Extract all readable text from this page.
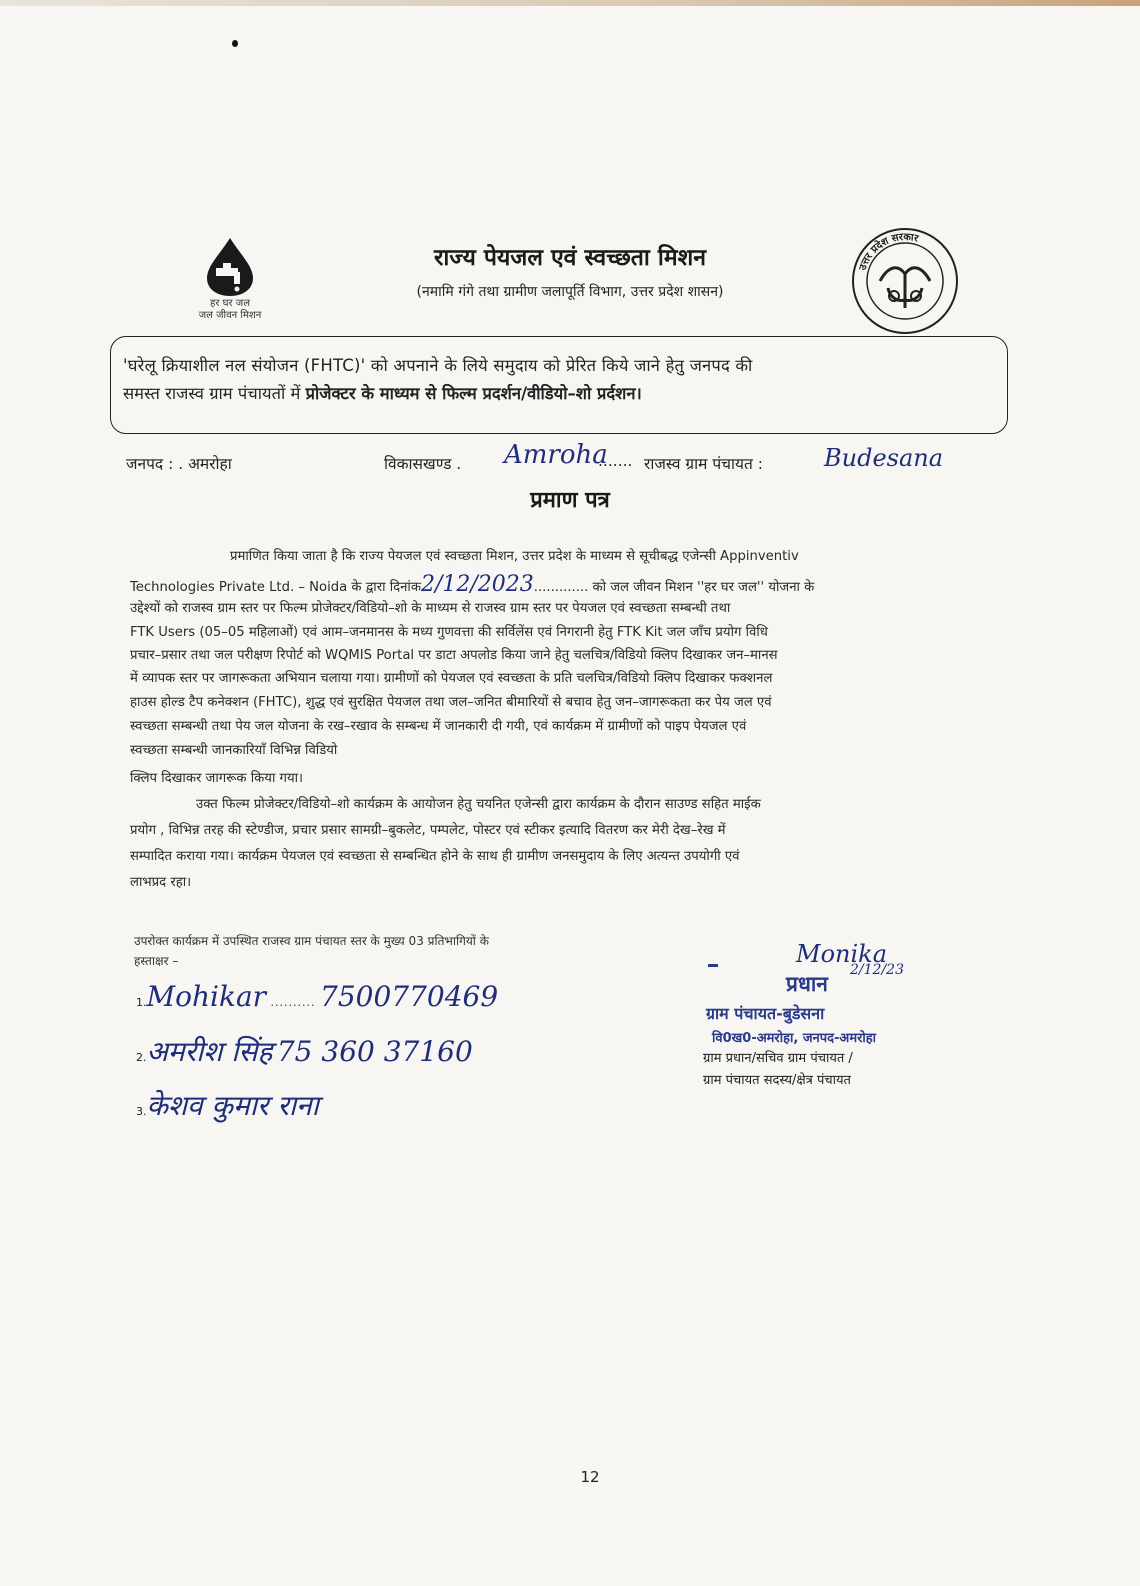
हर घर जल
जल जीवन मिशन
राज्य पेयजल एवं स्वच्छता मिशन
(नमामि गंगे तथा ग्रामीण जलापूर्ति विभाग, उत्तर प्रदेश शासन)
उत्तर प्रदेश सरकार
'घरेलू क्रियाशील नल संयोजन (FHTC)' को अपनाने के लिये समुदाय को प्रेरित किये जाने हेतु जनपद की
समस्त राजस्व ग्राम पंचायतों में प्रोजेक्टर के माध्यम से फिल्म प्रदर्शन/वीडियो–शो प्रर्दशन।
जनपद : . अमरोहा	विकासखण्ड . Amroha
....... राजस्व ग्राम पंचायत :	Budesana
प्रमाण पत्र
प्रमाणित किया जाता है कि राज्य पेयजल एवं स्वच्छता मिशन, उत्तर प्रदेश के माध्यम से सूचीबद्ध एजेन्सी Appinventiv
Technologies Private Ltd. – Noida के द्वारा दिनांक2/12/2023............. को जल जीवन मिशन ''हर घर जल'' योजना के
उद्देश्यों को राजस्व ग्राम स्तर पर फिल्म प्रोजेक्टर/विडियो–शो के माध्यम से राजस्व ग्राम स्तर पर पेयजल एवं स्वच्छता सम्बन्धी तथा
FTK Users (05–05 महिलाओं) एवं आम–जनमानस के मध्य गुणवत्ता की सर्विलेंस एवं निगरानी हेतु FTK Kit जल जाँच प्रयोग विधि
प्रचार–प्रसार तथा जल परीक्षण रिपोर्ट को WQMIS Portal पर डाटा अपलोड किया जाने हेतु चलचित्र/विडियो क्लिप दिखाकर जन–मानस
में व्यापक स्तर पर जागरूकता अभियान चलाया गया। ग्रामीणों को पेयजल एवं स्वच्छता के प्रति चलचित्र/विडियो क्लिप दिखाकर फक्शनल
हाउस होल्ड टैप कनेक्शन (FHTC), शुद्ध एवं सुरक्षित पेयजल तथा जल–जनित बीमारियों से बचाव हेतु जन–जागरूकता कर पेय जल एवं
स्वच्छता सम्बन्धी तथा पेय जल योजना के रख–रखाव के सम्बन्ध में जानकारी दी गयी, एवं कार्यक्रम में ग्रामीणों को पाइप पेयजल एवं
स्वच्छता सम्बन्धी जानकारियाँ विभिन्न विडियो
क्लिप दिखाकर जागरूक किया गया।
उक्त फिल्म प्रोजेक्टर/विडियो–शो कार्यक्रम के आयोजन हेतु चयनित एजेन्सी द्वारा कार्यक्रम के दौरान साउण्ड सहित माईक
प्रयोग , विभिन्न तरह की स्टेण्डीज, प्रचार प्रसार सामग्री–बुकलेट, पम्पलेट, पोस्टर एवं स्टीकर इत्यादि वितरण कर मेरी देख–रेख में
सम्पादित कराया गया। कार्यक्रम पेयजल एवं स्वच्छता से सम्बन्धित होने के साथ ही ग्रामीण जनसमुदाय के लिए अत्यन्त उपयोगी एवं
लाभप्रद रहा।
उपरोक्त कार्यक्रम में उपस्थित राजस्व ग्राम पंचायत स्तर के मुख्य 03 प्रतिभागियों के
हस्ताक्षर –
1.Mohikar .......... 7500770469
2.अमरीश सिंह 75 360 37160
3.केशव कुमार राना
Monika
2/12/23
प्रधान
ग्राम पंचायत-बुडेसना
वि0ख0-अमरोहा, जनपद-अमरोहा
ग्राम प्रधान/सचिव ग्राम पंचायत /
ग्राम पंचायत सदस्य/क्षेत्र पंचायत
12
